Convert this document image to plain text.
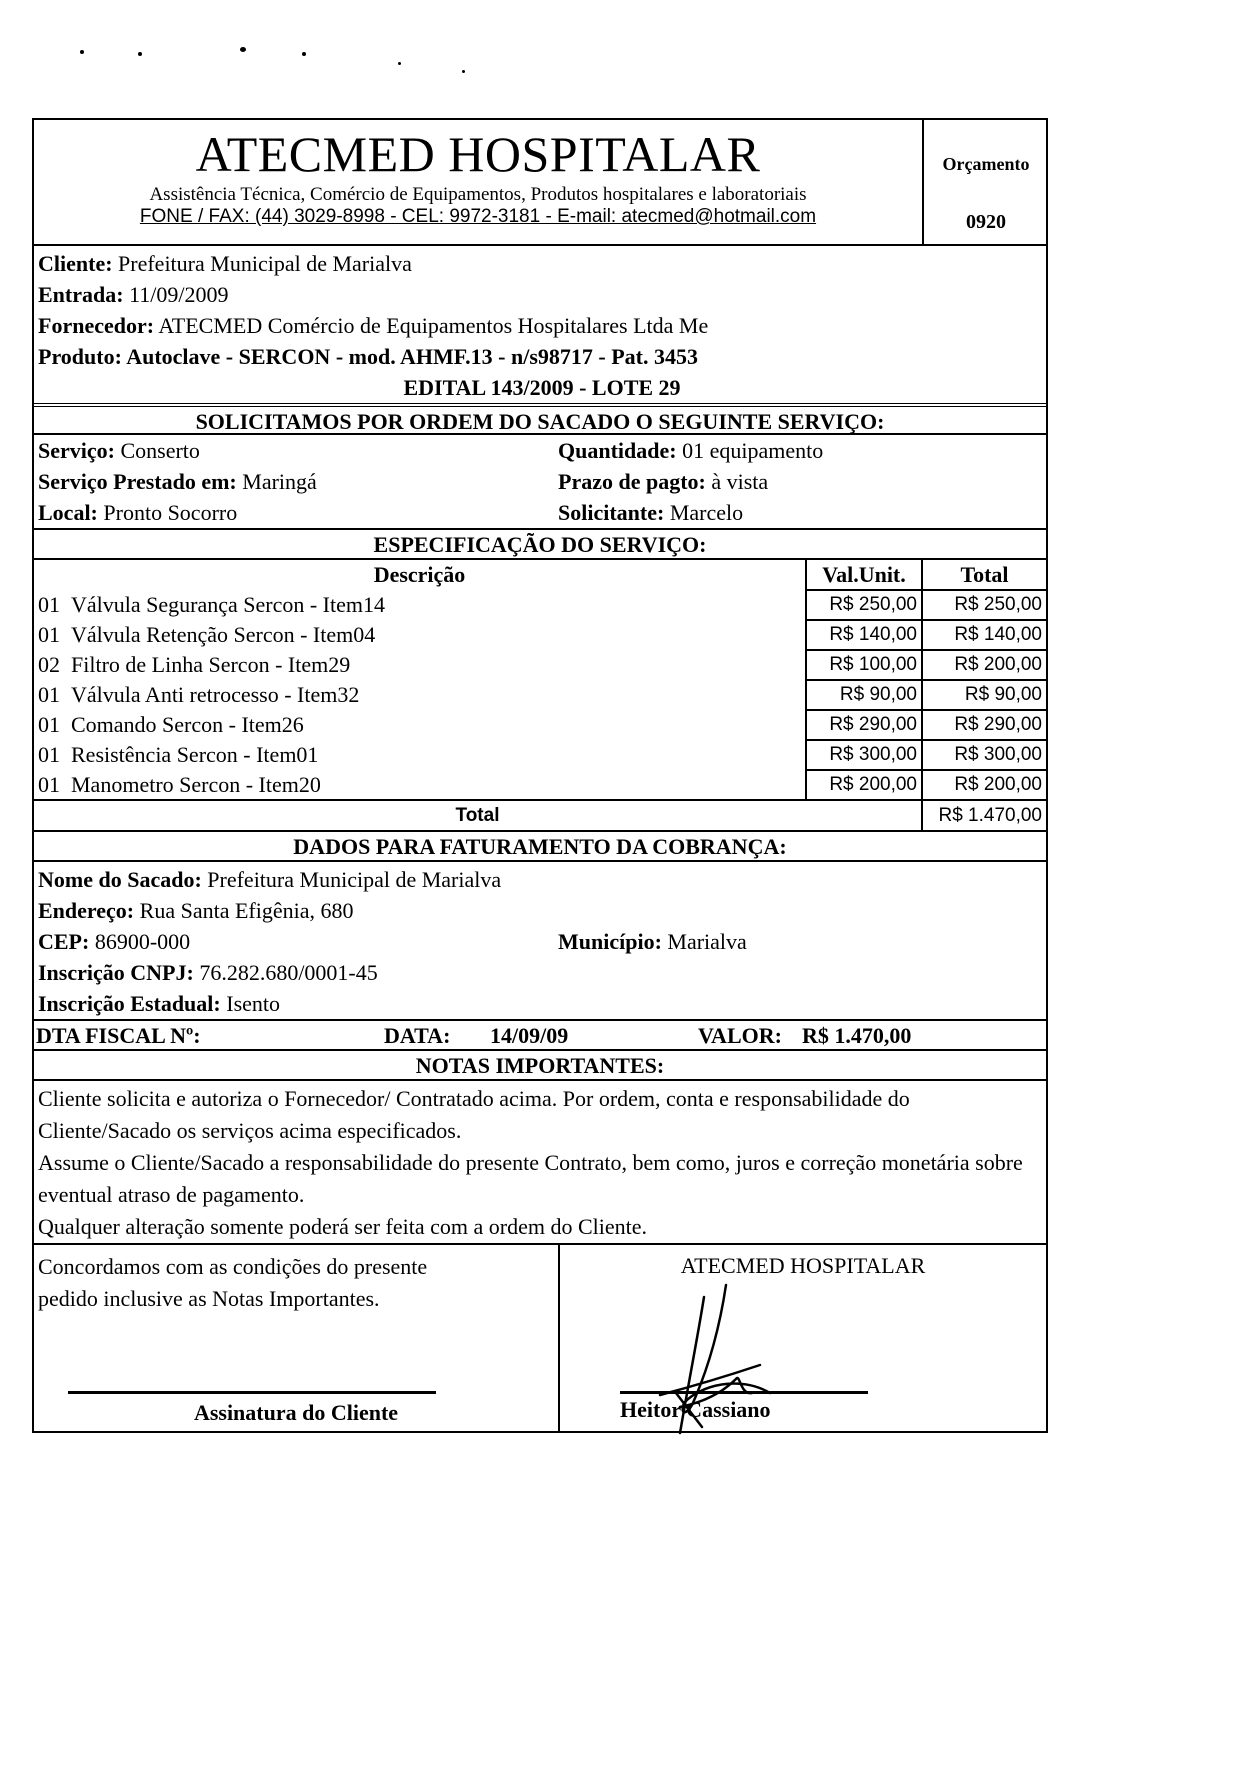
ATECMED HOSPITALAR
Assistência Técnica, Comércio de Equipamentos, Produtos hospitalares e laboratoriais
FONE / FAX: (44) 3029-8998 - CEL: 9972-3181 - E-mail: atecmed@hotmail.com
Orçamento
0920
Cliente: Prefeitura Municipal de Marialva
Entrada: 11/09/2009
Fornecedor: ATECMED Comércio de Equipamentos Hospitalares Ltda Me
Produto: Autoclave - SERCON - mod. AHMF.13 - n/s98717 - Pat. 3453
EDITAL 143/2009 - LOTE 29
SOLICITAMOS POR ORDEM DO SACADO O SEGUINTE SERVIÇO:
Serviço: Conserto	Quantidade: 01 equipamento
Serviço Prestado em: Maringá	Prazo de pagto: à vista
Local: Pronto Socorro	Solicitante: Marcelo
ESPECIFICAÇÃO DO SERVIÇO:
Descrição	Val.Unit.	Total
01 Válvula Segurança Sercon - Item14	R$ 250,00	R$ 250,00
01 Válvula Retenção Sercon - Item04	R$ 140,00	R$ 140,00
02 Filtro de Linha Sercon - Item29	R$ 100,00	R$ 200,00
01 Válvula Anti retrocesso - Item32	R$ 90,00	R$ 90,00
01 Comando Sercon - Item26	R$ 290,00	R$ 290,00
01 Resistência Sercon - Item01	R$ 300,00	R$ 300,00
01 Manometro Sercon - Item20	R$ 200,00	R$ 200,00
Total		R$ 1.470,00
DADOS PARA FATURAMENTO DA COBRANÇA:
Nome do Sacado: Prefeitura Municipal de Marialva
Endereço: Rua Santa Efigênia, 680
CEP: 86900-000	Município: Marialva
Inscrição CNPJ: 76.282.680/0001-45
Inscrição Estadual: Isento
DTA FISCAL Nº:	DATA: 14/09/09	VALOR: R$ 1.470,00
NOTAS IMPORTANTES:
Cliente solicita e autoriza o Fornecedor/ Contratado acima. Por ordem, conta e responsabilidade do Cliente/Sacado os serviços acima especificados.
Assume o Cliente/Sacado a responsabilidade do presente Contrato, bem como, juros e correção monetária sobre eventual atraso de pagamento.
Qualquer alteração somente poderá ser feita com a ordem do Cliente.
Concordamos com as condições do presente pedido inclusive as Notas Importantes.
Assinatura do Cliente
ATECMED HOSPITALAR
Heitor Cassiano
